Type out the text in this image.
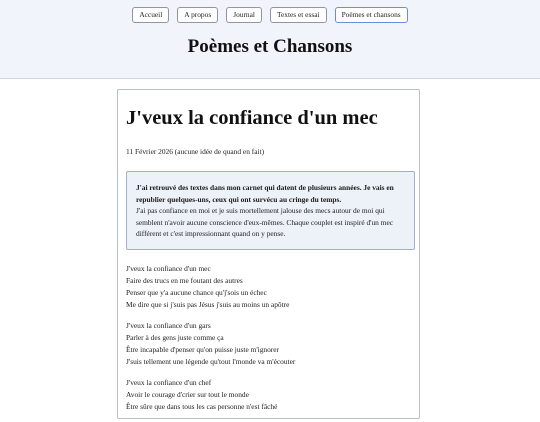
Accueil	A propos	Journal	Textes et essai	Poèmes et chansons
Poèmes et Chansons
J'veux la confiance d'un mec
11 Février 2026 (aucune idée de quand en fait)
J'ai retrouvé des textes dans mon carnet qui datent de plusieurs années. Je vais en republier quelques-uns, ceux qui ont survécu au cringe du temps.
J'ai pas confiance en moi et je suis mortellement jalouse des mecs autour de moi qui semblent n'avoir aucune conscience d'eux-mêmes. Chaque couplet est inspiré d'un mec différent et c'est impressionnant quand on y pense.
J'veux la confiance d'un mec
Faire des trucs en me foutant des autres
Penser que y'a aucune chance qu'j'sois un échec
Me dire que si j'suis pas Jésus j'suis au moins un apôtre
J'veux la confiance d'un gars
Parler à des gens juste comme ça
Être incapable d'penser qu'on puisse juste m'ignorer
J'suis tellement une légende qu'tout l'monde va m'écouter
J'veux la confiance d'un chef
Avoir le courage d'crier sur tout le monde
Être sûre que dans tous les cas personne n'est fâché
